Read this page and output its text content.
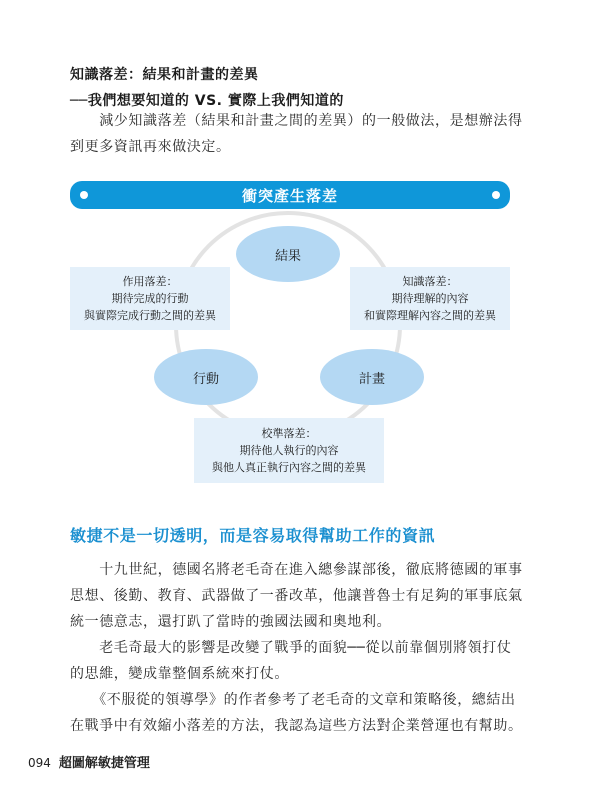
知識落差：結果和計畫的差異
──我們想要知道的 VS. 實際上我們知道的
　　減少知識落差（結果和計畫之間的差異）的一般做法，是想辦法得
到更多資訊再來做決定。
衝突產生落差
結果
行動	計畫
作用落差：
期待完成的行動
與實際完成行動之間的差異
知識落差：
期待理解的內容
和實際理解內容之間的差異
校準落差：
期待他人執行的內容
與他人真正執行內容之間的差異
敏捷不是一切透明，而是容易取得幫助工作的資訊
　　十九世紀，德國名將老毛奇在進入總參謀部後，徹底將德國的軍事
思想、後勤、教育、武器做了一番改革，他讓普魯士有足夠的軍事底氣
統一德意志，還打趴了當時的強國法國和奧地利。
　　老毛奇最大的影響是改變了戰爭的面貌──從以前靠個別將領打仗
的思維，變成靠整個系統來打仗。
　　《不服從的領導學》的作者參考了老毛奇的文章和策略後，總結出
在戰爭中有效縮小落差的方法，我認為這些方法對企業營運也有幫助。
094 超圖解敏捷管理
